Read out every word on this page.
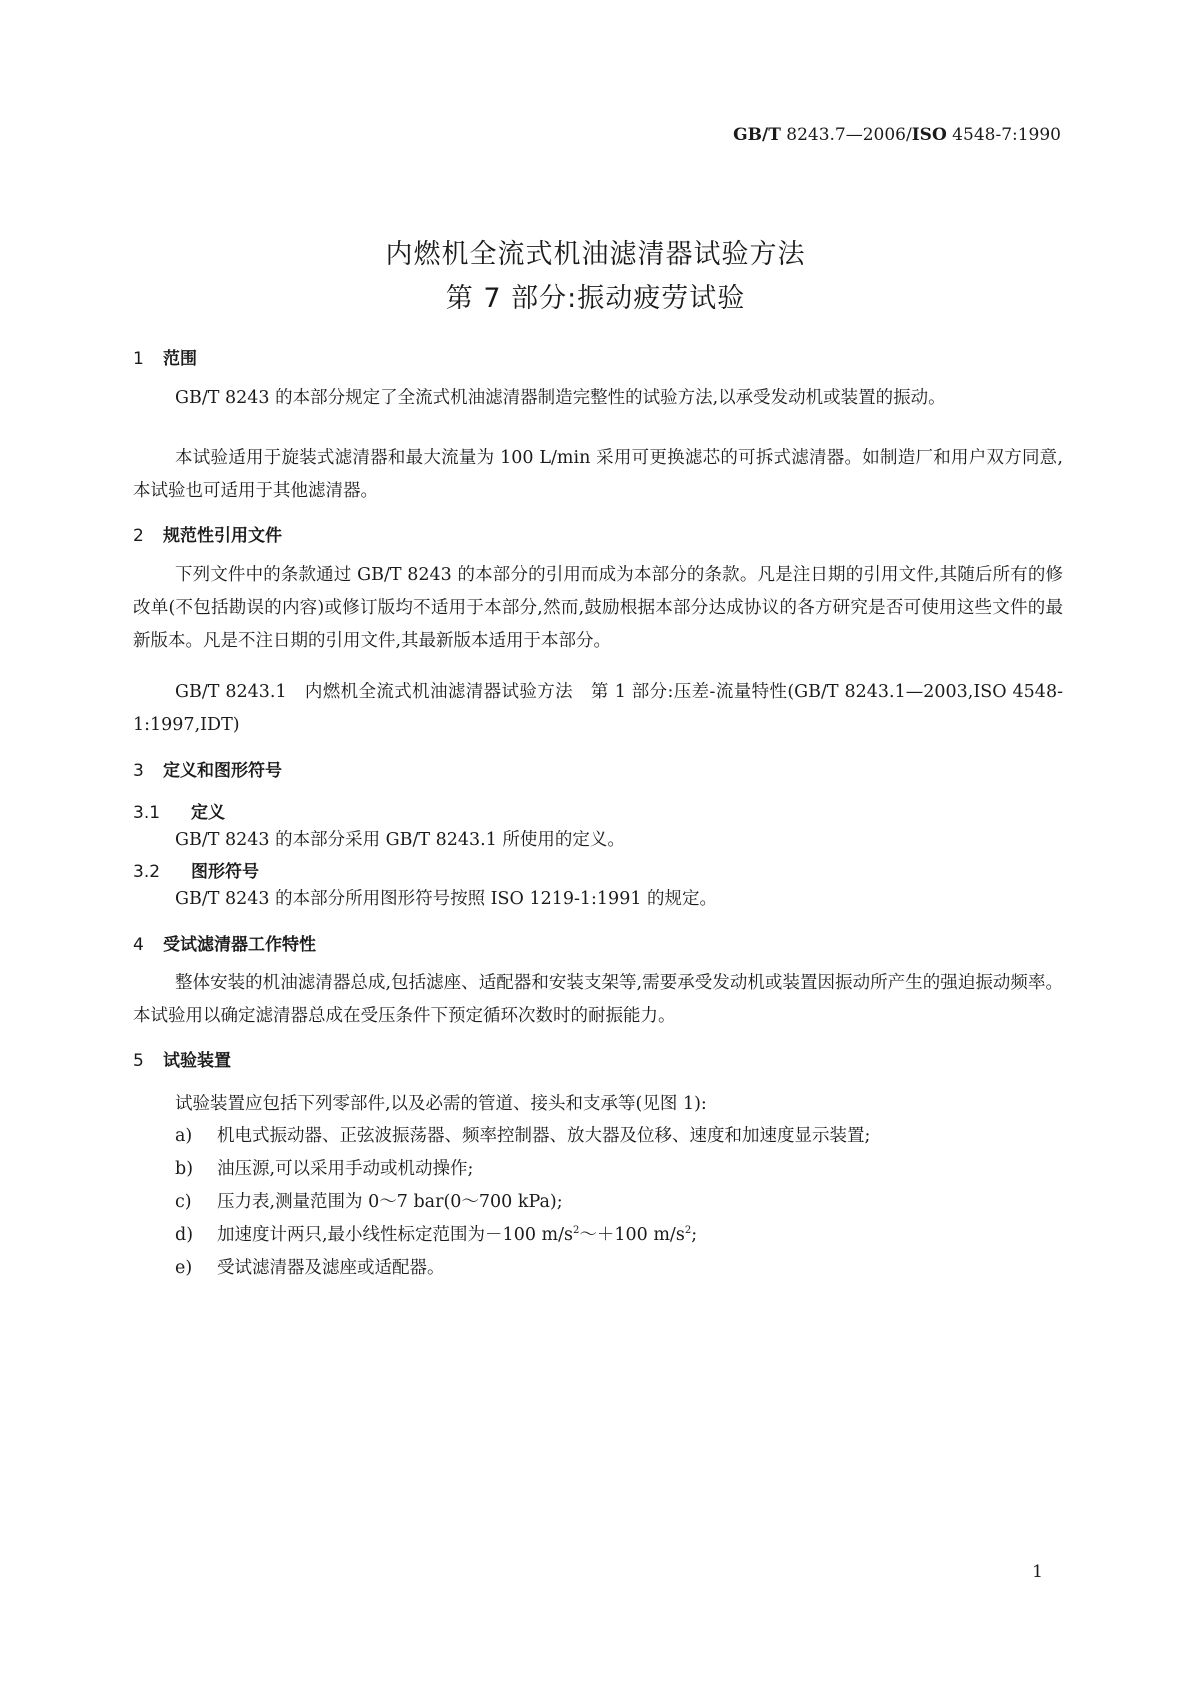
GB/T 8243.7—2006/ISO 4548-7:1990
内燃机全流式机油滤清器试验方法
第 7 部分:振动疲劳试验
1 范围
GB/T 8243 的本部分规定了全流式机油滤清器制造完整性的试验方法,以承受发动机或装置的振动。
本试验适用于旋装式滤清器和最大流量为 100 L/min 采用可更换滤芯的可拆式滤清器。如制造厂和用户双方同意,本试验也可适用于其他滤清器。
2 规范性引用文件
下列文件中的条款通过 GB/T 8243 的本部分的引用而成为本部分的条款。凡是注日期的引用文件,其随后所有的修改单(不包括勘误的内容)或修订版均不适用于本部分,然而,鼓励根据本部分达成协议的各方研究是否可使用这些文件的最新版本。凡是不注日期的引用文件,其最新版本适用于本部分。
GB/T 8243.1　内燃机全流式机油滤清器试验方法　第 1 部分:压差-流量特性(GB/T 8243.1—2003,ISO 4548-1:1997,IDT)
3 定义和图形符号
3.1 定义
GB/T 8243 的本部分采用 GB/T 8243.1 所使用的定义。
3.2 图形符号
GB/T 8243 的本部分所用图形符号按照 ISO 1219-1:1991 的规定。
4 受试滤清器工作特性
整体安装的机油滤清器总成,包括滤座、适配器和安装支架等,需要承受发动机或装置因振动所产生的强迫振动频率。本试验用以确定滤清器总成在受压条件下预定循环次数时的耐振能力。
5 试验装置
试验装置应包括下列零部件,以及必需的管道、接头和支承等(见图 1):
a) 机电式振动器、正弦波振荡器、频率控制器、放大器及位移、速度和加速度显示装置;
b) 油压源,可以采用手动或机动操作;
c) 压力表,测量范围为 0～7 bar(0～700 kPa);
d) 加速度计两只,最小线性标定范围为－100 $m/s^2\sim+100$ $m/s^2$;
e) 受试滤清器及滤座或适配器。
1
